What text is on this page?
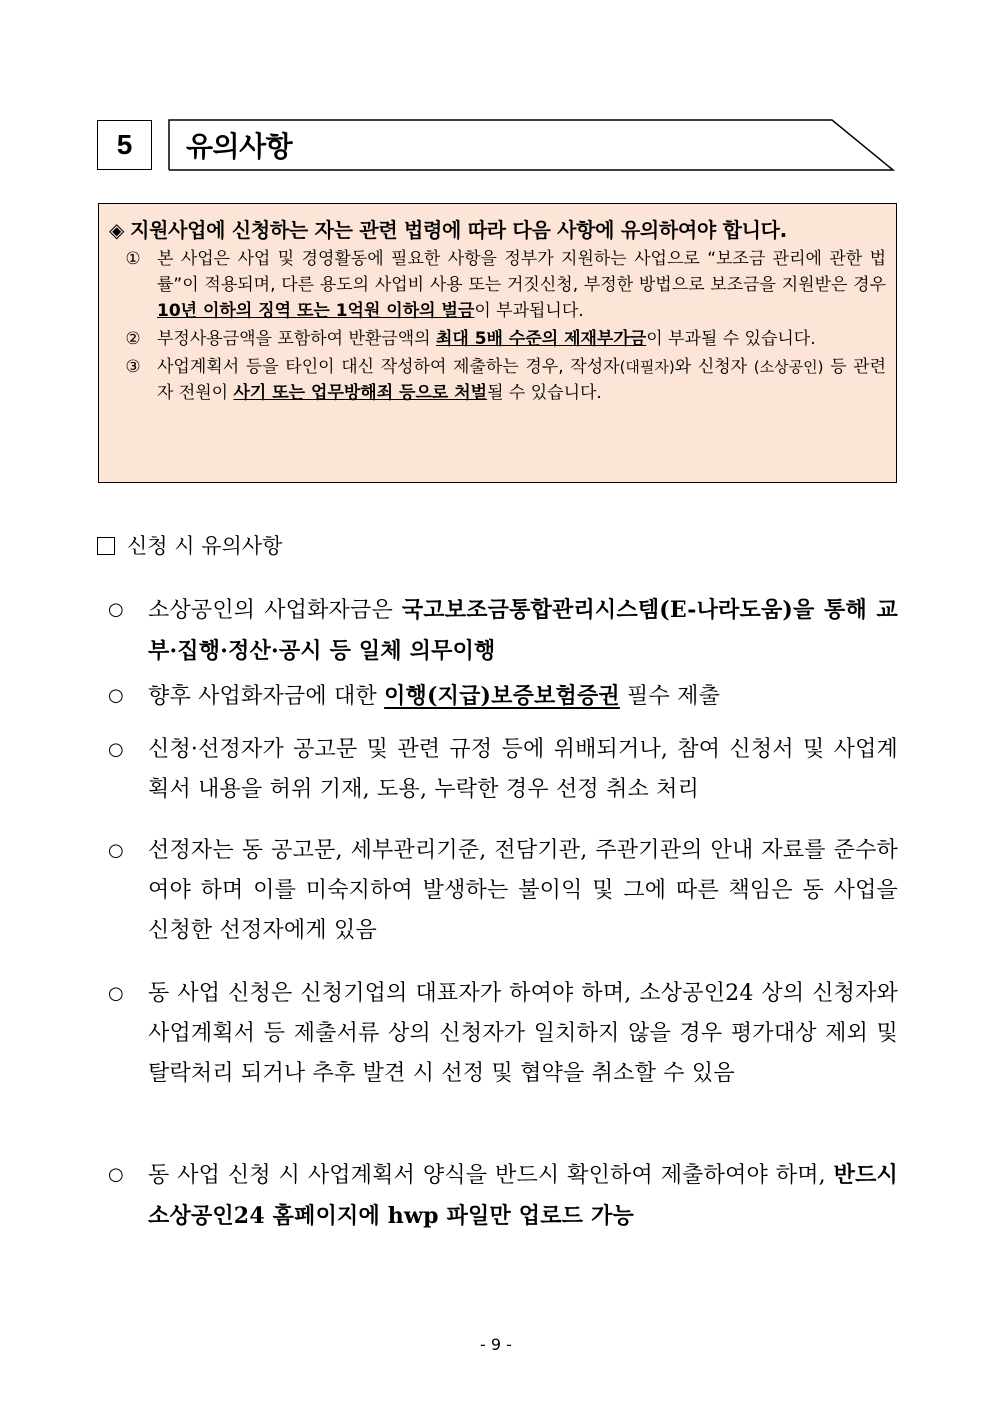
5 유의사항
◈ 지원사업에 신청하는 자는 관련 법령에 따라 다음 사항에 유의하여야 합니다.
① 본 사업은 사업 및 경영활동에 필요한 사항을 정부가 지원하는 사업으로 “보조금 관리에 관한 법률”이 적용되며, 다른 용도의 사업비 사용 또는 거짓신청, 부정한 방법으로 보조금을 지원받은 경우 10년 이하의 징역 또는 1억원 이하의 벌금이 부과됩니다.
② 부정사용금액을 포함하여 반환금액의 최대 5배 수준의 제재부가금이 부과될 수 있습니다.
③ 사업계획서 등을 타인이 대신 작성하여 제출하는 경우, 작성자(대필자)와 신청자 (소상공인) 등 관련자 전원이 사기 또는 업무방해죄 등으로 처벌될 수 있습니다.
신청 시 유의사항
○	소상공인의 사업화자금은 국고보조금통합관리시스템(E-나라도움)을 통해 교부·집행·정산·공시 등 일체 의무이행
○	향후 사업화자금에 대한 이행(지급)보증보험증권 필수 제출
○	신청·선정자가 공고문 및 관련 규정 등에 위배되거나, 참여 신청서 및 사업계획서 내용을 허위 기재, 도용, 누락한 경우 선정 취소 처리
○	선정자는 동 공고문, 세부관리기준, 전담기관, 주관기관의 안내 자료를 준수하여야 하며 이를 미숙지하여 발생하는 불이익 및 그에 따른 책임은 동 사업을 신청한 선정자에게 있음
○	동 사업 신청은 신청기업의 대표자가 하여야 하며, 소상공인24 상의 신청자와 사업계획서 등 제출서류 상의 신청자가 일치하지 않을 경우 평가대상 제외 및 탈락처리 되거나 추후 발견 시 선정 및 협약을 취소할 수 있음
○	동 사업 신청 시 사업계획서 양식을 반드시 확인하여 제출하여야 하며, 반드시 소상공인24 홈페이지에 hwp 파일만 업로드 가능
- 9 -
